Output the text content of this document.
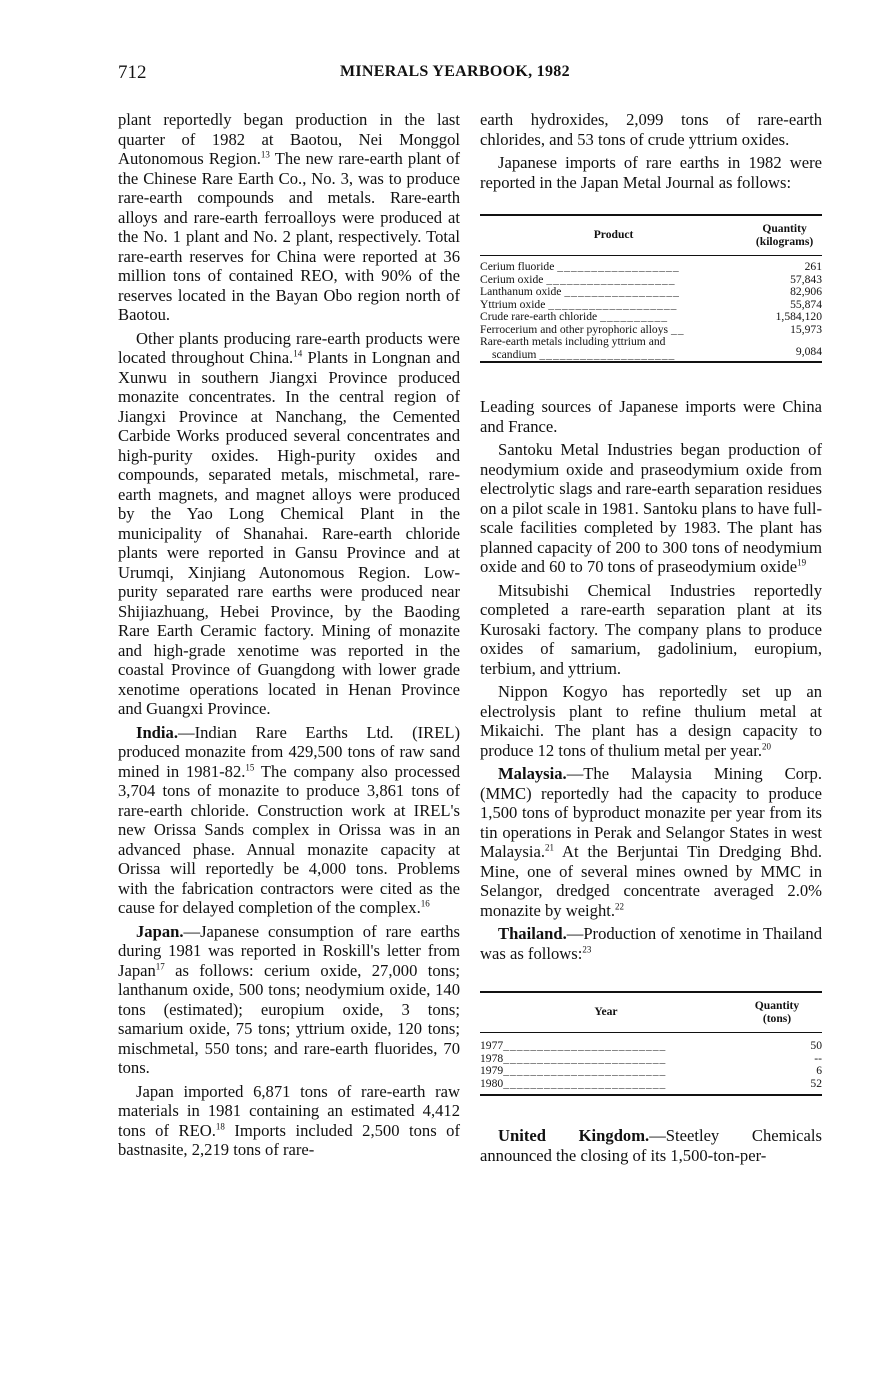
712	MINERALS YEARBOOK, 1982

plant reportedly began production in the last quarter of 1982 at Baotou, Nei Monggol Autonomous Region.$^{13}$ The new rare-earth plant of the Chinese Rare Earth Co., No. 3, was to produce rare-earth compounds and metals. Rare-earth alloys and rare-earth ferroalloys were produced at the No. 1 plant and No. 2 plant, respectively. Total rare-earth reserves for China were reported at 36 million tons of contained REO, with 90% of the reserves located in the Bayan Obo region north of Baotou.

Other plants producing rare-earth products were located throughout China.$^{14}$ Plants in Longnan and Xunwu in southern Jiangxi Province produced monazite concentrates. In the central region of Jiangxi Province at Nanchang, the Cemented Carbide Works produced several concentrates and high-purity oxides. High-purity oxides and compounds, separated metals, mischmetal, rare-earth magnets, and magnet alloys were produced by the Yao Long Chemical Plant in the municipality of Shanahai. Rare-earth chloride plants were reported in Gansu Province and at Urumqi, Xinjiang Autonomous Region. Low-purity separated rare earths were produced near Shijiazhuang, Hebei Province, by the Baoding Rare Earth Ceramic factory. Mining of monazite and high-grade xenotime was reported in the coastal Province of Guangdong with lower grade xenotime operations located in Henan Province and Guangxi Province.

India.—Indian Rare Earths Ltd. (IREL) produced monazite from 429,500 tons of raw sand mined in 1981-82.15 The company also processed 3,704 tons of monazite to produce 3,861 tons of rare-earth chloride. Construction work at IREL's new Orissa Sands complex in Orissa was in an advanced phase. Annual monazite capacity at Orissa will reportedly be 4,000 tons. Problems with the fabrication contractors were cited as the cause for delayed completion of the complex.$^{16}$

Japan.—Japanese consumption of rare earths during 1981 was reported in Roskill's letter from Japan$^{17}$ as follows: cerium oxide, 27,000 tons; lanthanum oxide, 500 tons; neodymium oxide, 140 tons (estimated); europium oxide, 3 tons; samarium oxide, 75 tons; yttrium oxide, 120 tons; mischmetal, 550 tons; and rare-earth fluorides, 70 tons.

Japan imported 6,871 tons of rare-earth raw materials in 1981 containing an estimated 4,412 tons of REO.$^{18}$ Imports included 2,500 tons of bastnasite, 2,219 tons of rare-

earth hydroxides, 2,099 tons of rare-earth chlorides, and 53 tons of crude yttrium oxides.

Japanese imports of rare earths in 1982 were reported in the Japan Metal Journal as follows:

Product	Quantity
(kilograms)
Cerium fluoride __________________	261
Cerium oxide ___________________	57,843
Lanthanum oxide _________________	82,906
Yttrium oxide ___________________	55,874
Crude rare-earth chloride __________	1,584,120
Ferrocerium and other pyrophoric alloys __	15,973
Rare-earth metals including yttrium and
scandium ____________________	9,084

Leading sources of Japanese imports were China and France.

Santoku Metal Industries began production of neodymium oxide and praseodymium oxide from electrolytic slags and rare-earth separation residues on a pilot scale in 1981. Santoku plans to have full-scale facilities completed by 1983. The plant has planned capacity of 200 to 300 tons of neodymium oxide and 60 to 70 tons of praseodymium oxide$^{19}$

Mitsubishi Chemical Industries reportedly completed a rare-earth separation plant at its Kurosaki factory. The company plans to produce oxides of samarium, gadolinium, europium, terbium, and yttrium.

Nippon Kogyo has reportedly set up an electrolysis plant to refine thulium metal at Mikaichi. The plant has a design capacity to produce 12 tons of thulium metal per year.$^{20}$

Malaysia.—The Malaysia Mining Corp. (MMC) reportedly had the capacity to produce 1,500 tons of byproduct monazite per year from its tin operations in Perak and Selangor States in west Malaysia.$^{21}$ At the Berjuntai Tin Dredging Bhd. Mine, one of several mines owned by MMC in Selangor, dredged concentrate averaged 2.0% monazite by weight.$^{22}$

Thailand.—Production of xenotime in Thailand was as follows:$^{23}$

Year	Quantity
(tons)
1977________________________	50
1978________________________	--
1979________________________	6
1980________________________	52

United Kingdom.—Steetley Chemicals announced the closing of its 1,500-ton-per-
